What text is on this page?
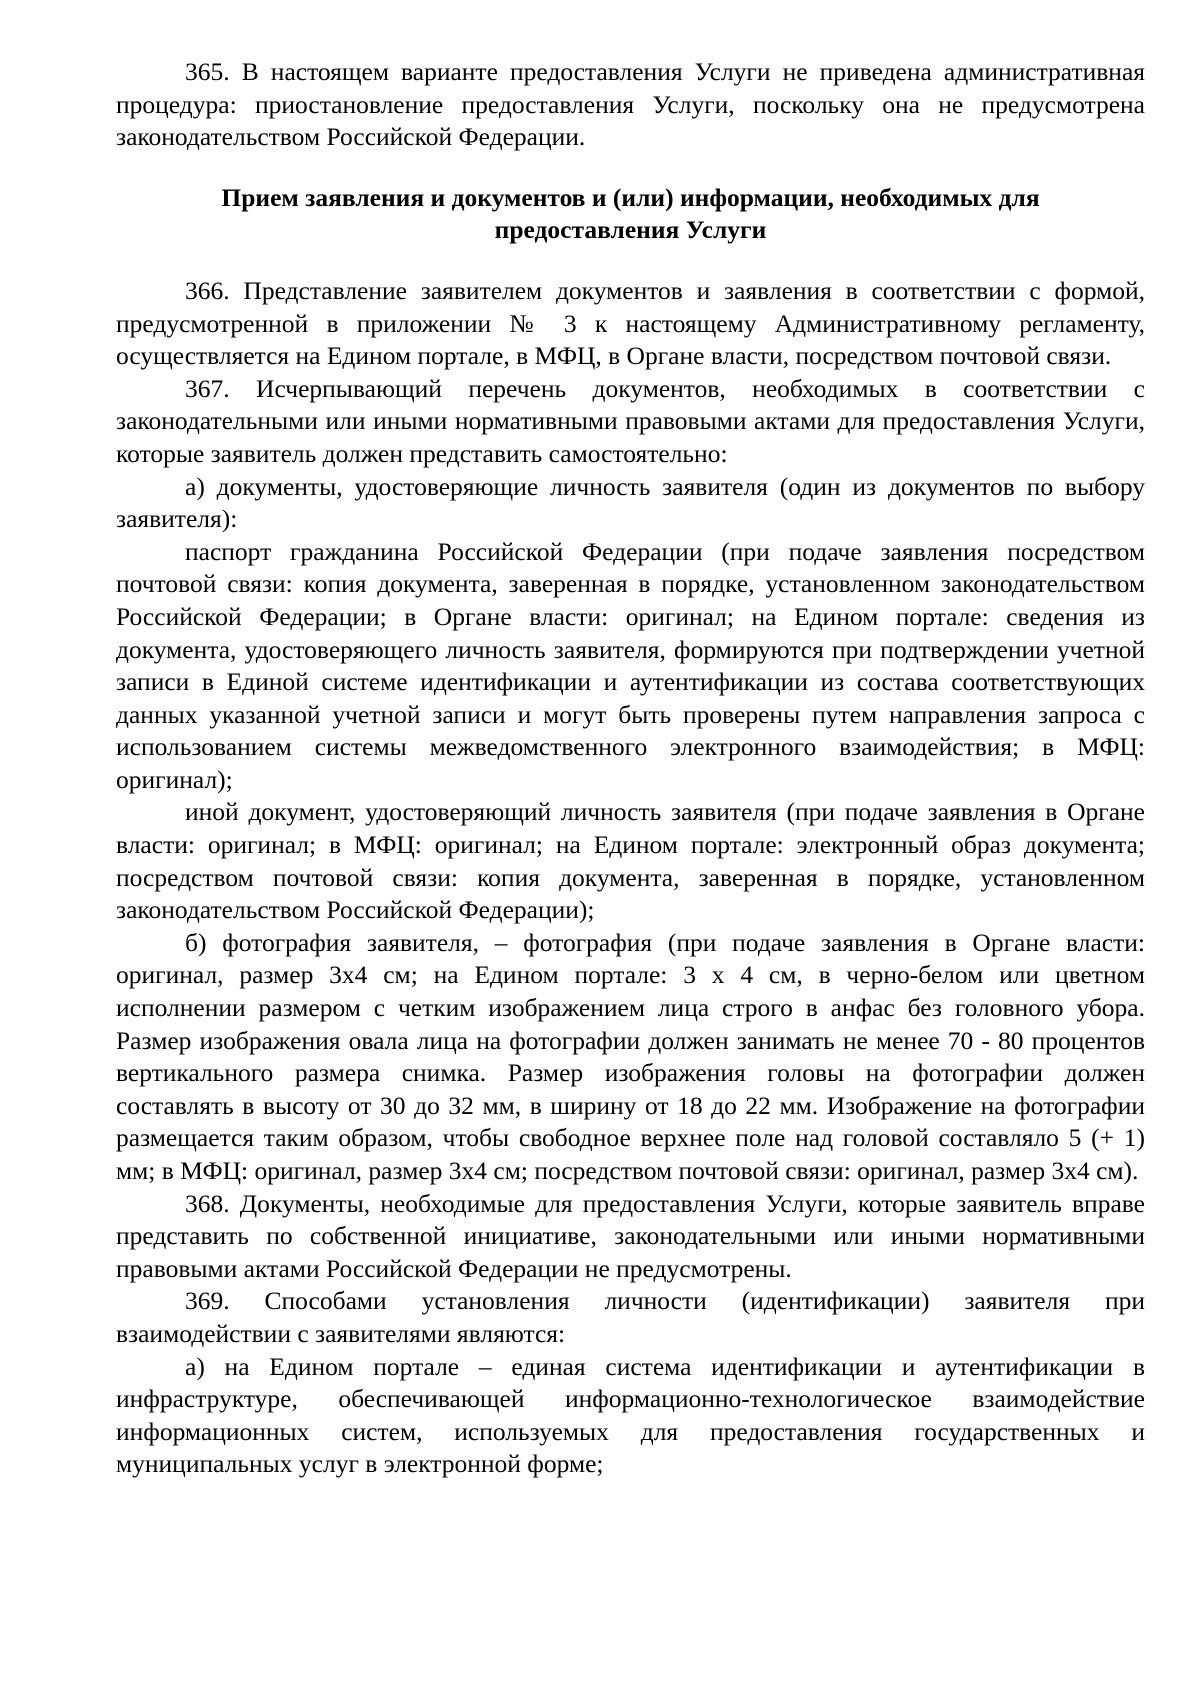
365. В настоящем варианте предоставления Услуги не приведена административная процедура: приостановление предоставления Услуги, поскольку она не предусмотрена законодательством Российской Федерации.

Прием заявления и документов и (или) информации, необходимых для
предоставления Услуги

366. Представление заявителем документов и заявления в соответствии с формой, предусмотренной в приложении № 3 к настоящему Административному регламенту, осуществляется на Едином портале, в МФЦ, в Органе власти, посредством почтовой связи.

367. Исчерпывающий перечень документов, необходимых в соответствии с законодательными или иными нормативными правовыми актами для предоставления Услуги, которые заявитель должен представить самостоятельно:

а) документы, удостоверяющие личность заявителя (один из документов по выбору заявителя):

паспорт гражданина Российской Федерации (при подаче заявления посредством почтовой связи: копия документа, заверенная в порядке, установленном законодательством Российской Федерации; в Органе власти: оригинал; на Едином портале: сведения из документа, удостоверяющего личность заявителя, формируются при подтверждении учетной записи в Единой системе идентификации и аутентификации из состава соответствующих данных указанной учетной записи и могут быть проверены путем направления запроса с использованием системы межведомственного электронного взаимодействия; в МФЦ: оригинал);

иной документ, удостоверяющий личность заявителя (при подаче заявления в Органе власти: оригинал; в МФЦ: оригинал; на Едином портале: электронный образ документа; посредством почтовой связи: копия документа, заверенная в порядке, установленном законодательством Российской Федерации);

б) фотография заявителя, – фотография (при подаче заявления в Органе власти: оригинал, размер 3х4 см; на Едином портале: 3 х 4 см, в черно-белом или цветном исполнении размером с четким изображением лица строго в анфас без головного убора. Размер изображения овала лица на фотографии должен занимать не менее 70 - 80 процентов вертикального размера снимка. Размер изображения головы на фотографии должен составлять в высоту от 30 до 32 мм, в ширину от 18 до 22 мм. Изображение на фотографии размещается таким образом, чтобы свободное верхнее поле над головой составляло 5 (+ 1) мм; в МФЦ: оригинал, размер 3х4 см; посредством почтовой связи: оригинал, размер 3х4 см).

368. Документы, необходимые для предоставления Услуги, которые заявитель вправе представить по собственной инициативе, законодательными или иными нормативными правовыми актами Российской Федерации не предусмотрены.

369. Способами установления личности (идентификации) заявителя при взаимодействии с заявителями являются:

а) на Едином портале – единая система идентификации и аутентификации в инфраструктуре, обеспечивающей информационно-технологическое взаимодействие информационных систем, используемых для предоставления государственных и муниципальных услуг в электронной форме;
